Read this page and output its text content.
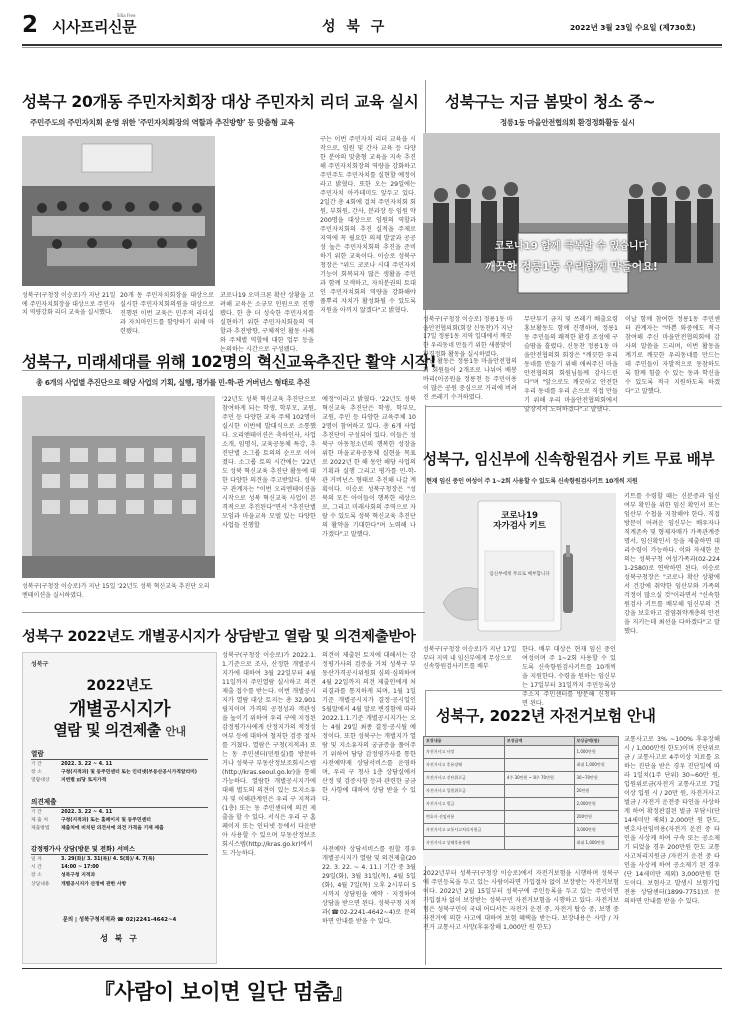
2 시사프리신문
SiSa Free
성 북 구	2022년 3월 23일 수요일 (제730호)
성북구 20개동 주민자치회장 대상 주민자치 리더 교육 실시
주민주도의 주민자치회 운영 위한 '주민자치회장의 역할과 추진방향' 등 맞춤형 교육
성북구(구청장 이승로)가 지난 21일에 주민자치회장을 대상으로 주민자치 역량강화 리더 교육을 실시했다.
20개 동 주민자치회장을 대상으로 실시한 주민자치회의원을 대상으로 진행된 이번 교육은 민주적 리더십과 자치마인드를 함양하기 위해 마련됐다.
코로나19 오미크론 확산 상황을 고려해 교육은 소규모 인원으로 진행됐다. 한 층 더 성숙한 주민자치를 실현하기 위한 주민자치회들의 역할과 추진방향, 구체적인 활동 사례와 주체별 역할에 대한 업무 등을 논의하는 시간으로 구성됐다.
구는 이번 주민자치 리더 교육을 시작으로, 임원 및 간사 교육 등 다양한 분야의 맞춤형 교육을 지속 추진해 주민자치회장의 역량을 강화하고 주민주도 주민자치를 실현할 예정이라고 밝혔다. 또한 오는 29일에는 주민자치 아카데미도 앞두고 있다. 2일간 총 4회에 걸쳐 주민자치회 회원, 부회원, 간사, 분과장 등 임원 약 200명을 대상으로 임원의 역할과 주민자치회의 추진 실적을 주제로 지역에 꼭 필요한 의제 발굴과 공공성 높은 주민자치회의 추진을 준비하기 위한 교육이다. 이승로 성북구청장은 "위드 코로나 시대 주민자치 기능이 회복되자 많은 생활을 주민과 함께 모색하고, 자치분권의 토대인 주민자치회의 역량을 강화해야 풀뿌리 자치가 활성화될 수 있도록 지원을 아끼지 않겠다"고 밝혔다.
성북구는 지금 봄맞이 청소 중~
정릉1동 마을안전협의회 환경정화활동 실시
코로나19 함께 극복할 수 있습니다
깨끗한 정릉1동 우리함께 만들어요!
성북구(구청장 이승로) 정릉1동 마을안전협의회(회장 신동찬)가 지난 17일 정릉1동 지역 일대에서 깨끗한 우리동네 만들기 위한 새봄맞이 환경정화 활동을 실시하였다.
이날 활동은 정릉1동 마을안전협의회 회원들이 2개조로 나뉘어 배봉바리(이공원을 정릉천 등 주민이용이 많은 공원 중심으로 거리에 버려진 쓰레기 수거하였다.
무단투기 금지 및 쓰레기 배출요령 홍보활동도 함께 진행하며, 정릉1동 주민들의 쾌적한 환경 조성에 구슬땀을 흘렸다. 신동찬 정릉1동 마을안전협의회 회장은 "깨끗한 우리동네를 만들기 위해 애써주신 마을안전협의회 회원님들께 감사드린다"며 "앞으로도 깨끗하고 안전한 우리 동네를 우리 손으로 직접 만들기 위해 우리 마을안전협의회에서 앞장서서 노력하겠다"고 말했다.
이날 함께 참여한 정릉1동 주민센터 관계자는 "바쁜 와중에도 적극 참여해 주신 마을안전협의회에 감사의 말씀을 드리며, 이번 활동을 계기로 깨끗한 우리동네를 만드는 데 주민들이 자발적으로 동참하도록 함께 힘쓸 수 있는 동과 학신을 수 있도록 적극 지원하도록 하겠다"고 말했다.
성북구, 미래세대를 위해 102명의 혁신교육추진단 활약 시작!
총 6개의 사업별 추진단으로 해당 사업의 기획, 실행, 평가를 민-학-관 거버넌스 형태로 추진
성북구(구청장 이승로)가 지난 15일 '22년도 성북 혁신교육 추진단 오리엔테이션을 실시하였다.
'22년도 성북 혁신교육 추진단으로 참여하게 되는 학생, 학부모, 교원, 주민 등 다양한 교육 주체 102명이 실시한 이번에 발대식으로 소통했다. 오리엔테이션은 축하인사, 사업소개, 임명식, 교육공동체 특강, 추진단별 소그룹 토의의 순으로 이어졌다. 소그룹 토의 시간에는 '22년도 성북 혁신교육 추진단 활동에 대한 다양한 의견을 주고받았다. 성북구 관계자는 "이번 오리엔테이션을 시작으로 성북 혁신교육 사업이 본격적으로 추진된다"면서 "추진단별 모임과 마을교육 모델 있는 다양한 사업들 진행할
예정"이라고 밝혔다. '22년도 성북 혁신교육 추진단은 학생, 학부모, 교원, 주민 등 다양한 교육주체 102명이 참여하고 있다. 총 6개 사업 추진단이 구성되어 있다. 이들은 성북구 아동청소년의 행복한 성장을 위한 마을교육공동체 실현을 목표로 2022년 한 해 동안 해당 사업의 기획과 실행 그리고 평가를 민-학-관 거버넌스 형태로 추진해 나갈 계획이다. 이승로 성북구청장은 "성북의 모든 아이들이 행복한 세상으로, 그리고 미래사회의 주역으로 자랄 수 있도록 성북 혁신교육 추진단의 활약을 기대한다"며 노력해 나가겠다"고 말했다.
성북구, 임신부에 신속항원검사 키트 무료 배부
현재 임신 중인 여성이 주 1~2회 사용할 수 있도록 신속항원검사키트 10개씩 지원
코로나19
자가검사 키트
임신부에게 무료로 배부합니다
성북구(구청장 이승로)가 지난 17일부터 지역 내 임신부에게 무상으로 신속항원검사키트를 배부
한다. 배부 대상은 현재 임신 중인 여성이며 주 1~2회 사용할 수 있도록 신속항원검사키트를 10개씩을 지원한다. 수령을 원하는 임신부는 17일부터 31일까지 주민등록상 주소지 주민센터를 방문해 신청하면 된다.
키트를 수령할 때는 신분증과 임신 여부 확인을 위한 임신 확인서 또는 임산부 수첩을 지참해야 한다. 직접 방문이 어려운 임신부는 배우자나 직계존속 및 형제자매가 가족관계증명서, 임신확인서 등을 제출하면 대리수령이 가능하다. 이와 자세한 문의는 성북구청 여성가족과(02-2241-2580)로 연락하면 된다. 이승로 성북구청장은 "코로나 확산 상황에서 건강에 취약한 임산부와 가족의 걱정이 많으실 것"이라면서 "신속항원검사 키트를 배부해 임신부의 건강을 보호하고 검염취약계층의 안전을 지키는데 최선을 다하겠다"고 말했다.
성북구 2022년도 개별공시지가 상담받고 열람 및 의견제출받아
성북구
2022년도
개별공시지가
열람 및 의견제출 안내
열람
기 간	2022. 3. 22 ~ 4. 11
장 소	구청(지적과) 및 동주민센터 또는 인터넷(부동산공시가격알리미)
열람대상	지번별 ㎡당 토지가격
의견제출
기 간	2022. 3. 22 ~ 4. 11
제 출 처	구청(지적과) 또는 홈페이지 및 동주민센터
제출방법	제출처에 비치된 의견서에 의견 가격을 기재 제출
감정평가사 상담(방문 및 전화) 서비스
일 자	3. 29(화)/ 3. 31(목)/ 4. 5(화)/ 4. 7(목)
시 간	14:00 ~ 17:00
장 소	성북구청 지적과
상담내용	개별공시지가 산정에 관한 사항
문의 | 성북구청지적과 ☎ 02)2241-4642~4
성 북 구
성북구(구청장 이승로)가 2022.1.1.기준으로 조사, 산정한 개별공시지가에 대하여 3월 22일부터 4월 11일까지 주민열람 실시하고 의견제출 접수를 받는다. 이번 개별공시지가 열람 대상 토지는 총 32,901필지이며 가격의 공정성과 객관성을 높이기 위하여 우리 구에 지정된 감정평가사에게 산정지가의 적정성 여부 등에 대하여 철저한 검증 절차를 거쳤다. 열람은 구청(지적과) 또는 동 주민센터(민원실)를 방문하거나 성북구 부동산정보조회시스템(http://kras.seoul.go.kr)을 통해 가능하다. 열람한 개별공시지가에 대해 별도의 의견이 있는 토지소유자 및 이해관계인은 우리 구 지적과(1층) 또는 동 주민센터에 의견 제출을 할 수 있다. 서식은 우리 구 홈페이지 또는 인터넷 등에서 다운받아 사용할 수 있으며 부동산정보조회시스템(http://kras.go.kr)에서도 가능하다.
의견이 제출된 토지에 대해서는 감정평가사의 검증을 거쳐 성북구 부동산가격공시위원회 심의·심의하여 4월 22일까지 의견 제출인에게 처리결과를 통지하게 되며, 1월 1일 기준 개별공시지가 결정·공시일인 5월말에서 4월 말로 변경함에 따라 2022.1.1.기준 개별공시지가는 오는 4월 29일 최종 결정·공시될 예정이다. 또한 성북구는 개별지가 열람 및 지소유자의 궁금증을 풀어주기 위하여 담당 감정평가사를 통한 사전예약제 상담서비스를 운영하며, 우리 구 청사 1층 상담실에서 산정 및 검증사항 등과 관련한 궁금한 사항에 대하여 상담 받을 수 있다.
사전예약 상담서비스를 원할 경우 개별공시지가 열람 및 의견제출(2022. 3. 22. ~ 4. 11.) 기간 중 3월 29일(화), 3월 31일(목), 4월 5일(화), 4월 7일(목) 오후 2시부터 5시까지 상담원을 예약 · 지정하여 상담을 받으면 된다. 성북구청 지적과(☎02-2241-4642~4)로 문의하면 안내를 받을 수 있다.
성북구, 2022년 자전거보험 안내
보장내용	보장금액	보상금액(원)
자전거사고 사망		1,000만원
자전거사고 후유장해		최대 1,000만원
자전거사고 진단위로금	4주 30만원 ~ 8주 70만원	30~70만원
자전거사고 입원위로금		20만원
자전거사고 벌금		2,000만원
변호사 선임비용		200만원
자전거사고 교통사고처리지원금		3,000만원
자전거사고 상해후유장해		최대 1,000만원
2022년부터 성북구(구청장 이승로)에서 자전거보험을 시행하며 성북구에 주민등록을 두고 있는 사람이라면 가입절차 없이 보장받는 자전거보험이다. 2022년 2월 15일부터 성북구에 주민등록을 두고 있는 주민이면 가입절차 없이 보장받는 성북구민 자전거보험을 시행하고 있다. 자전거보험은 성북구민이 국내 어디서든 자전거 운전 중, 자전거 탑승 중, 보행 중 자전거에 의한 사고에 대하여 보험 혜택을 받는다. 보장내용은 사망 / 자전거 교통사고 사망(후유장해 1,000만 원 한도)
교통사고로 3% ~100% 후유장해시 / 1,000만원 한도)이며 진단위로금 / 교통사고로 4주이상 치료를 요하는 진단을 받은 경우 진단일에 따라 1일치(1주 단위) 30~60만 원, 입원위로금(자전거 교통사고로 7일 이상 입원 시 / 20만 원, 자전거사고 벌금 / 자전거 운전중 타인을 사상하게 하여 확정판결된 벌금 부담시(단 14세미만 제외) 2,000만 원 한도, 변호사선임비용(자전거 운전 중 타인을 사상케 하여 구속 또는 공소제기 되었을 경우 200만원 한도 교통사고처리지원금 /자전거 운전 중 타인을 사상케 하여 공소제기 된 경우(단 14세미만 제외) 3,000만원 한도이다. 보험사고 발생시 보험가입 전용 상담센터(1899-7751)로 문의하면 안내를 받을 수 있다.
『사람이 보이면 일단 멈춤』
